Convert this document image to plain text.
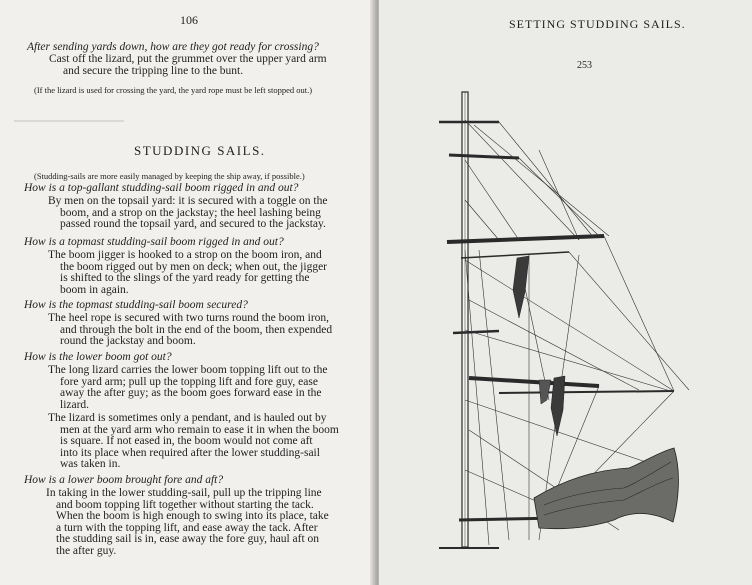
106
After sending yards down, how are they got ready for crossing?
Cast off the lizard, put the grummet over the upper yard arm
and secure the tripping line to the bunt.
(If the lizard is used for crossing the yard, the yard rope must be left stopped out.)
STUDDING SAILS.
(Studding-sails are more easily managed by keeping the ship away, if possible.)
How is a top-gallant studding-sail boom rigged in and out?
By men on the topsail yard: it is secured with a toggle on the
boom, and a strop on the jackstay; the heel lashing being
passed round the topsail yard, and secured to the jackstay.
How is a topmast studding-sail boom rigged in and out?
The boom jigger is hooked to a strop on the boom iron, and
the boom rigged out by men on deck; when out, the jigger
is shifted to the slings of the yard ready for getting the
boom in again.
How is the topmast studding-sail boom secured?
The heel rope is secured with two turns round the boom iron,
and through the bolt in the end of the boom, then expended
round the jackstay and boom.
How is the lower boom got out?
The long lizard carries the lower boom topping lift out to the
fore yard arm; pull up the topping lift and fore guy, ease
away the after guy; as the boom goes forward ease in the
lizard.
The lizard is sometimes only a pendant, and is hauled out by
men at the yard arm who remain to ease it in when the boom
is square. If not eased in, the boom would not come aft
into its place when required after the lower studding-sail
was taken in.
How is a lower boom brought fore and aft?
In taking in the lower studding-sail, pull up the tripping line
and boom topping lift together without starting the tack.
When the boom is high enough to swing into its place, take
a turn with the topping lift, and ease away the tack. After
the studding sail is in, ease away the fore guy, haul aft on
the after guy.
SETTING STUDDING SAILS.
253
